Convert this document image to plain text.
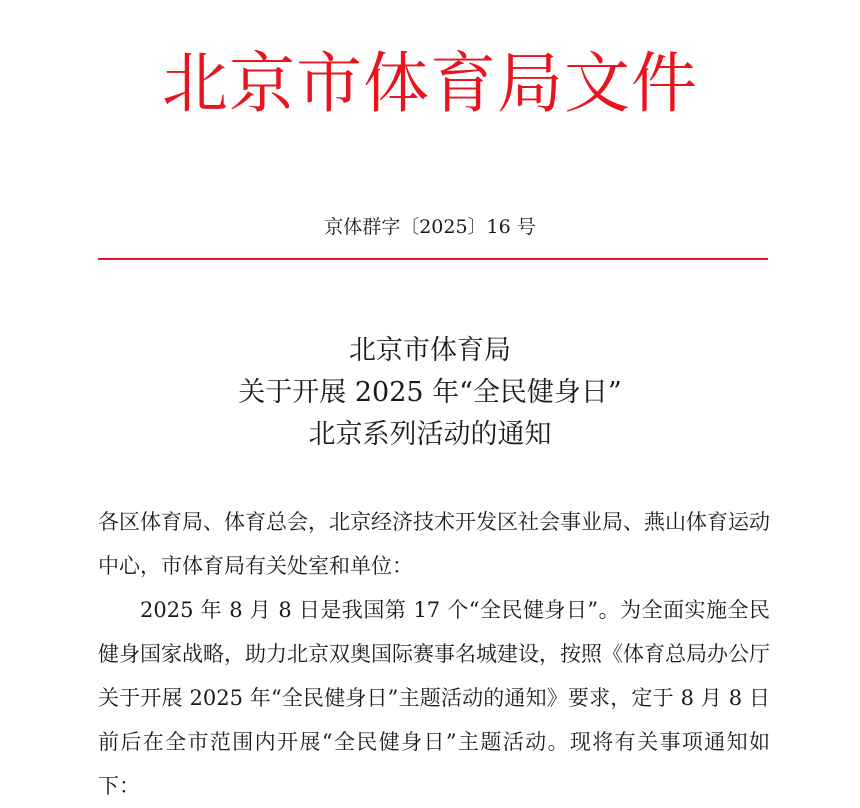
北京市体育局文件
京体群字〔2025〕16 号
北京市体育局
关于开展 2025 年“全民健身日”
北京系列活动的通知

各区体育局、体育总会，北京经济技术开发区社会事业局、燕山体育运动中心，市体育局有关处室和单位：

2025 年 8 月 8 日是我国第 17 个“全民健身日”。为全面实施全民健身国家战略，助力北京双奥国际赛事名城建设，按照《体育总局办公厅关于开展 2025 年“全民健身日”主题活动的通知》要求，定于 8 月 8 日前后在全市范围内开展“全民健身日”主题活动。现将有关事项通知如下：
